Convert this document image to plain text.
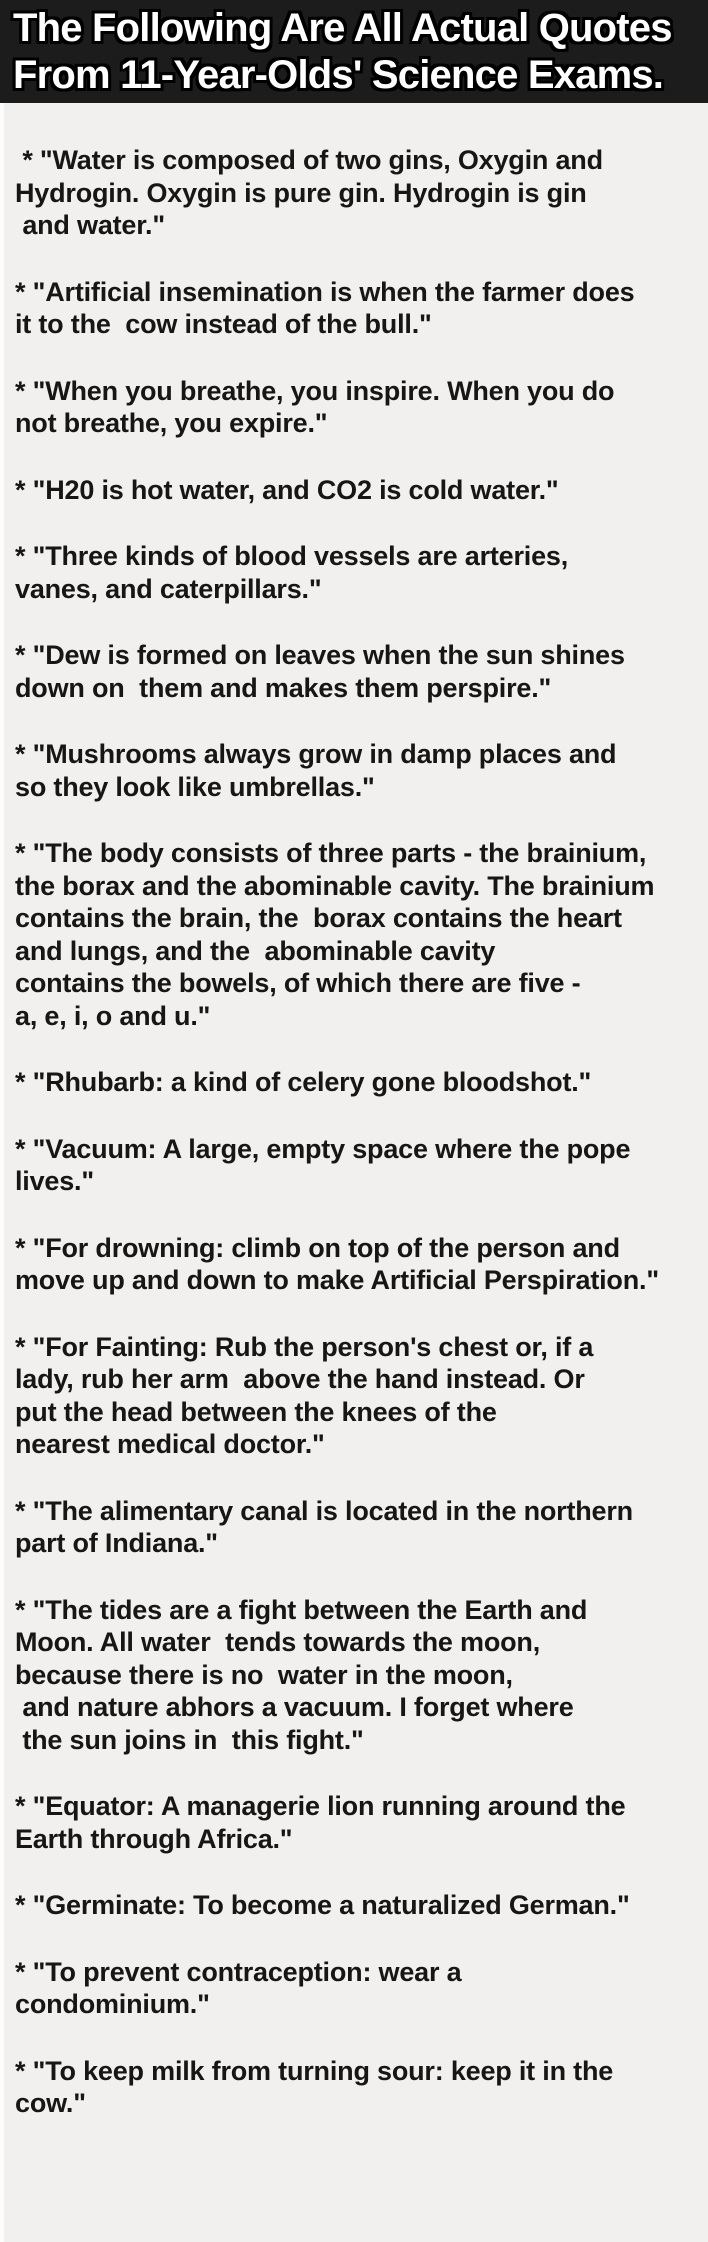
The Following Are All Actual Quotes
From 11-Year-Olds' Science Exams.
* "Water is composed of two gins, Oxygin and
Hydrogin. Oxygin is pure gin. Hydrogin is gin
and water."
* "Artificial insemination is when the farmer does
it to the  cow instead of the bull."
* "When you breathe, you inspire. When you do
not breathe, you expire."
* "H20 is hot water, and CO2 is cold water."
* "Three kinds of blood vessels are arteries,
vanes, and caterpillars."
* "Dew is formed on leaves when the sun shines
down on  them and makes them perspire."
* "Mushrooms always grow in damp places and
so they look like umbrellas."
* "The body consists of three parts - the brainium,
the borax and the abominable cavity. The brainium
contains the brain, the  borax contains the heart
and lungs, and the  abominable cavity
contains the bowels, of which there are five -
a, e, i, o and u."
* "Rhubarb: a kind of celery gone bloodshot."
* "Vacuum: A large, empty space where the pope
lives."
* "For drowning: climb on top of the person and
move up and down to make Artificial Perspiration."
* "For Fainting: Rub the person's chest or, if a
lady, rub her arm  above the hand instead. Or
put the head between the knees of the
nearest medical doctor."
* "The alimentary canal is located in the northern
part of Indiana."
* "The tides are a fight between the Earth and
Moon. All water  tends towards the moon,
because there is no  water in the moon,
and nature abhors a vacuum. I forget where
the sun joins in  this fight."
* "Equator: A managerie lion running around the
Earth through Africa."
* "Germinate: To become a naturalized German."
* "To prevent contraception: wear a
condominium."
* "To keep milk from turning sour: keep it in the
cow."
